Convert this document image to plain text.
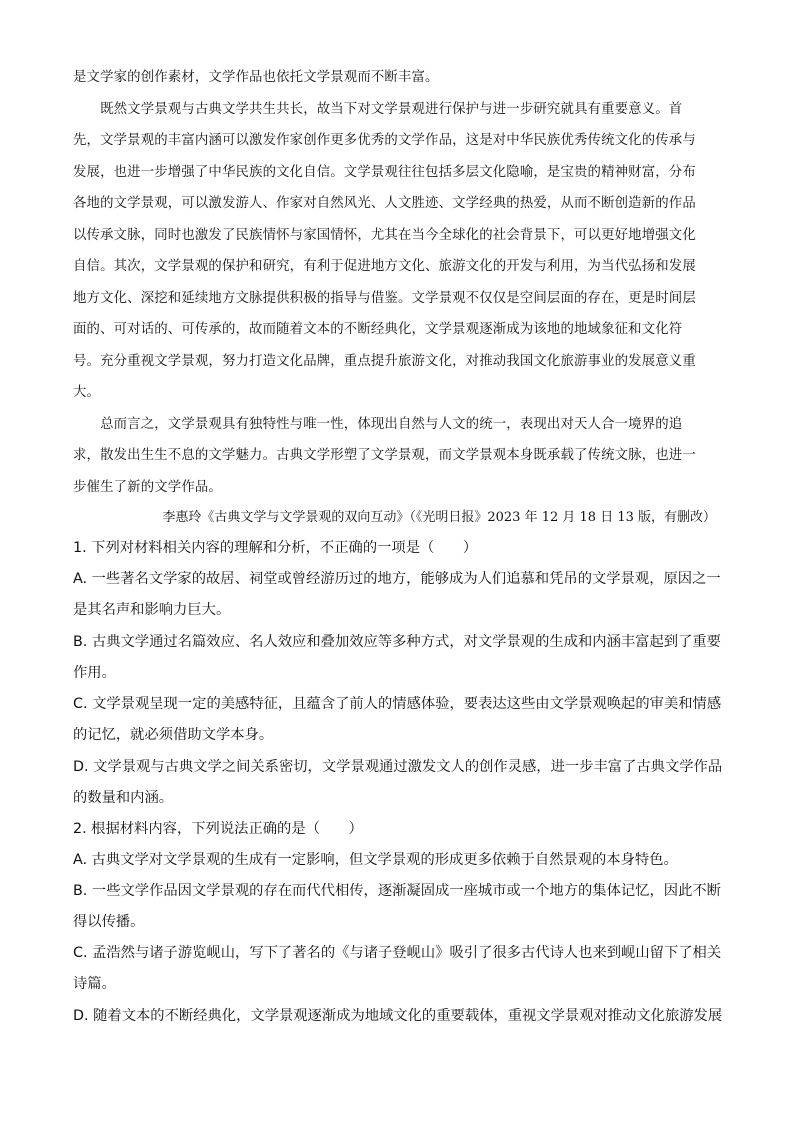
是文学家的创作素材，文学作品也依托文学景观而不断丰富。
　　既然文学景观与古典文学共生共长，故当下对文学景观进行保护与进一步研究就具有重要意义。首
先，文学景观的丰富内涵可以激发作家创作更多优秀的文学作品，这是对中华民族优秀传统文化的传承与
发展，也进一步增强了中华民族的文化自信。文学景观往往包括多层文化隐喻，是宝贵的精神财富，分布
各地的文学景观，可以激发游人、作家对自然风光、人文胜迹、文学经典的热爱，从而不断创造新的作品
以传承文脉，同时也激发了民族情怀与家国情怀，尤其在当今全球化的社会背景下，可以更好地增强文化
自信。其次，文学景观的保护和研究，有利于促进地方文化、旅游文化的开发与利用，为当代弘扬和发展
地方文化、深挖和延续地方文脉提供积极的指导与借鉴。文学景观不仅仅是空间层面的存在，更是时间层
面的、可对话的、可传承的，故而随着文本的不断经典化，文学景观逐渐成为该地的地域象征和文化符
号。充分重视文学景观，努力打造文化品牌，重点提升旅游文化，对推动我国文化旅游事业的发展意义重
大。
　　总而言之，文学景观具有独特性与唯一性，体现出自然与人文的统一，表现出对天人合一境界的追
求，散发出生生不息的文学魅力。古典文学形塑了文学景观，而文学景观本身既承载了传统文脉，也进一
步催生了新的文学作品。
李惠玲《古典文学与文学景观的双向互动》（《光明日报》2023 年 12 月 18 日 13 版，有删改）
1. 下列对材料相关内容的理解和分析，不正确的一项是（　　）
A. 一些著名文学家的故居、祠堂或曾经游历过的地方，能够成为人们追慕和凭吊的文学景观，原因之一
是其名声和影响力巨大。
B. 古典文学通过名篇效应、名人效应和叠加效应等多种方式，对文学景观的生成和内涵丰富起到了重要
作用。
C. 文学景观呈现一定的美感特征，且蕴含了前人的情感体验，要表达这些由文学景观唤起的审美和情感
的记忆，就必须借助文学本身。
D. 文学景观与古典文学之间关系密切，文学景观通过激发文人的创作灵感，进一步丰富了古典文学作品
的数量和内涵。
2. 根据材料内容，下列说法正确的是（　　）
A. 古典文学对文学景观的生成有一定影响，但文学景观的形成更多依赖于自然景观的本身特色。
B. 一些文学作品因文学景观的存在而代代相传，逐渐凝固成一座城市或一个地方的集体记忆，因此不断
得以传播。
C. 孟浩然与诸子游览岘山，写下了著名的《与诸子登岘山》吸引了很多古代诗人也来到岘山留下了相关
诗篇。
D. 随着文本的不断经典化，文学景观逐渐成为地域文化的重要载体，重视文学景观对推动文化旅游发展
